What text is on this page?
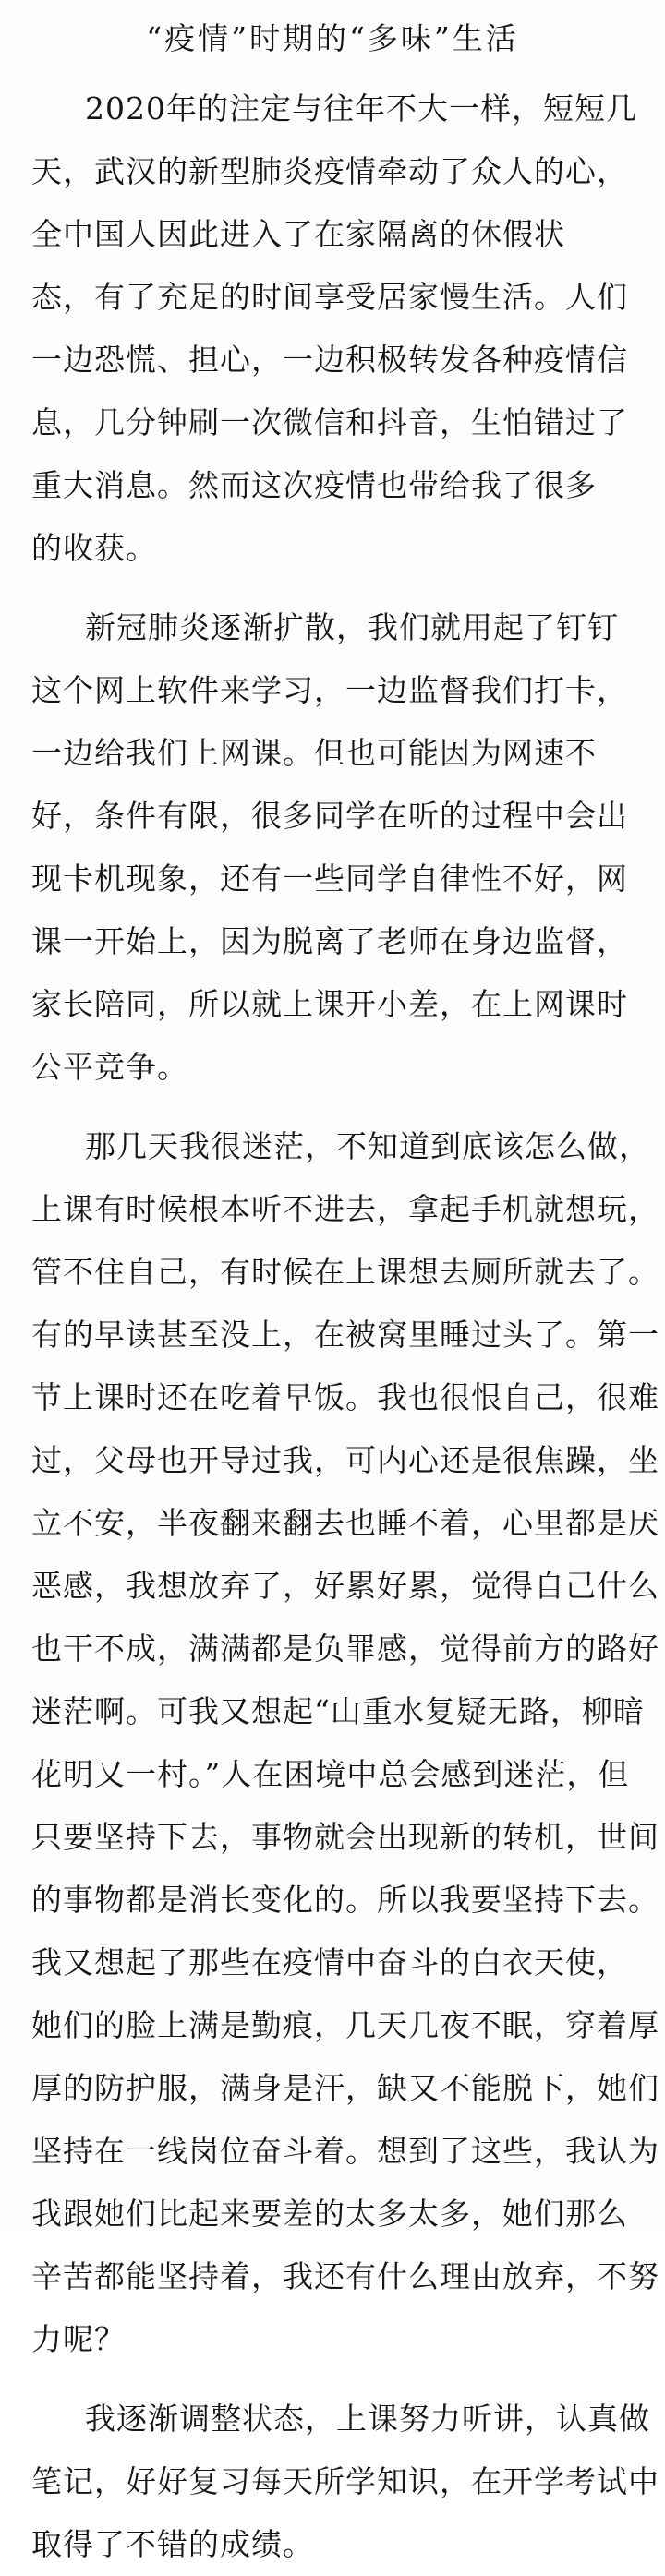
“疫情”时期的“多味”生活
2020年的注定与往年不大一样，短短几
天，武汉的新型肺炎疫情牵动了众人的心，
全中国人因此进入了在家隔离的休假状
态，有了充足的时间享受居家慢生活。人们
一边恐慌、担心，一边积极转发各种疫情信
息，几分钟刷一次微信和抖音，生怕错过了
重大消息。然而这次疫情也带给我了很多
的收获。
新冠肺炎逐渐扩散，我们就用起了钉钉
这个网上软件来学习，一边监督我们打卡，
一边给我们上网课。但也可能因为网速不
好，条件有限，很多同学在听的过程中会出
现卡机现象，还有一些同学自律性不好，网
课一开始上，因为脱离了老师在身边监督，
家长陪同，所以就上课开小差，在上网课时
公平竞争。
那几天我很迷茫，不知道到底该怎么做，
上课有时候根本听不进去，拿起手机就想玩，
管不住自己，有时候在上课想去厕所就去了。
有的早读甚至没上，在被窝里睡过头了。第一
节上课时还在吃着早饭。我也很恨自己，很难
过，父母也开导过我，可内心还是很焦躁，坐
立不安，半夜翻来翻去也睡不着，心里都是厌
恶感，我想放弃了，好累好累，觉得自己什么
也干不成，满满都是负罪感，觉得前方的路好
迷茫啊。可我又想起“山重水复疑无路，柳暗
花明又一村。”人在困境中总会感到迷茫，但
只要坚持下去，事物就会出现新的转机，世间
的事物都是消长变化的。所以我要坚持下去。
我又想起了那些在疫情中奋斗的白衣天使，
她们的脸上满是勤痕，几天几夜不眠，穿着厚
厚的防护服，满身是汗，缺又不能脱下，她们
坚持在一线岗位奋斗着。想到了这些，我认为
我跟她们比起来要差的太多太多，她们那么
辛苦都能坚持着，我还有什么理由放弃，不努
力呢？
我逐渐调整状态，上课努力听讲，认真做
笔记，好好复习每天所学知识，在开学考试中
取得了不错的成绩。
